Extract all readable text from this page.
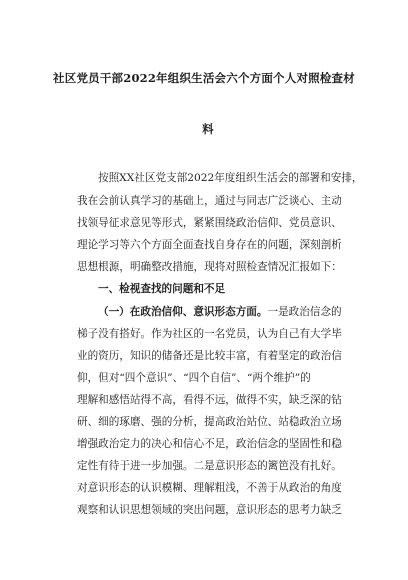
社区党员干部2022年组织生活会六个方面个人对照检查材
料
按照XX社区党支部2022年度组织生活会的部署和安排，
我在会前认真学习的基础上，通过与同志广泛谈心、主动
找领导征求意见等形式，紧紧围绕政治信仰、党员意识、
理论学习等六个方面全面查找自身存在的问题，深刻剖析
思想根源，明确整改措施，现将对照检查情况汇报如下：
一、检视查找的问题和不足
（一）在政治信仰、意识形态方面。一是政治信念的
梯子没有搭好。作为社区的一名党员，认为自己有大学毕
业的资历，知识的储备还是比较丰富，有着坚定的政治信
仰，但对“四个意识”、“四个自信”、“两个维护”的
理解和感悟站得不高，看得不远，做得不实，缺乏深的钻
研、细的琢磨、强的分析，提高政治站位、站稳政治立场
增强政治定力的决心和信心不足，政治信念的坚固性和稳
定性有待于进一步加强。二是意识形态的篱笆没有扎好。
对意识形态的认识模糊、理解粗浅，不善于从政治的角度
观察和认识思想领域的突出问题，意识形态的思考力缺乏
